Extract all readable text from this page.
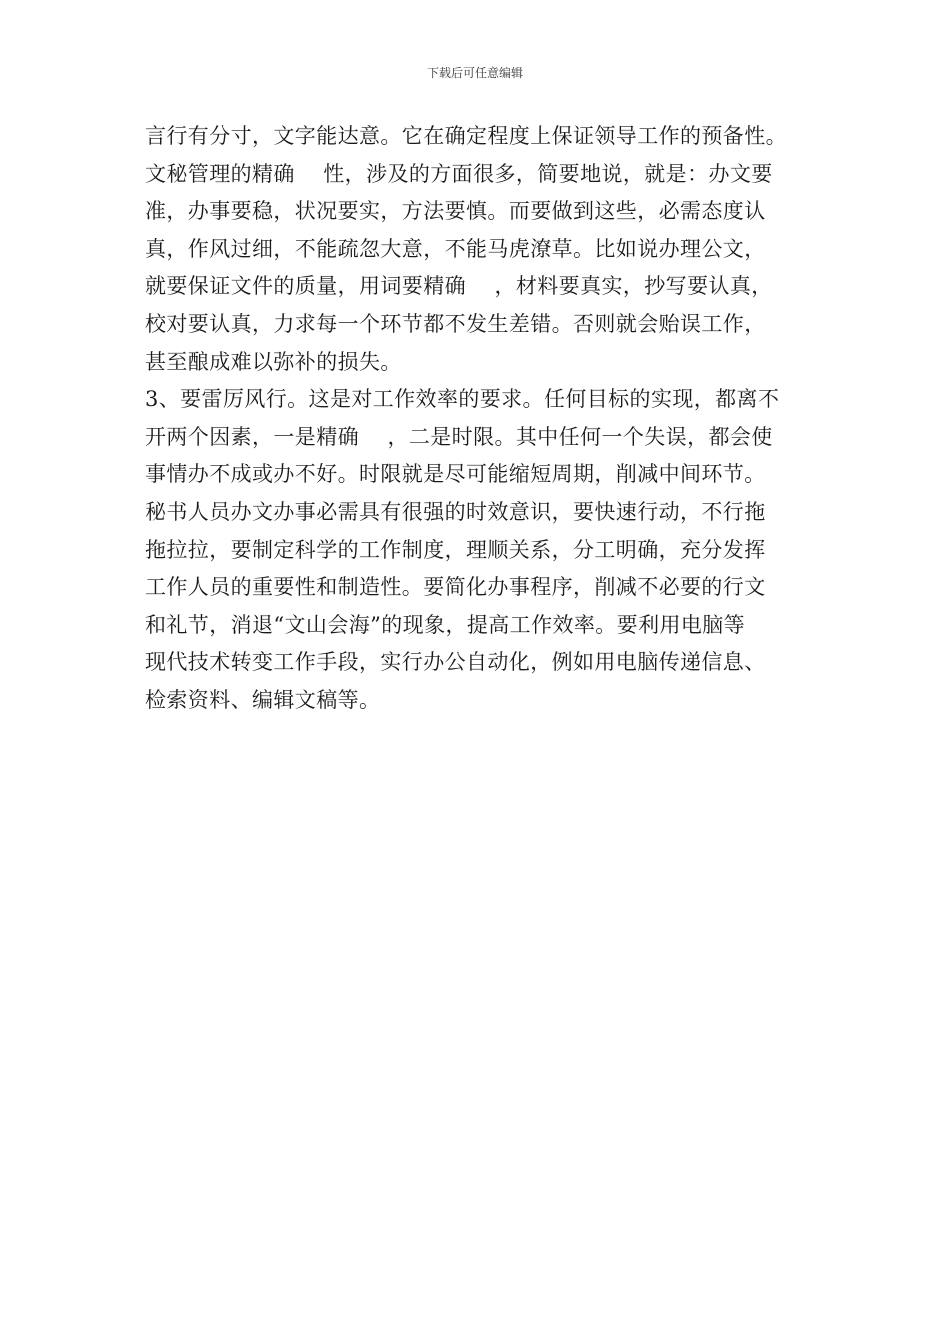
下载后可任意编辑
言行有分寸，文字能达意。它在确定程度上保证领导工作的预备性。
文秘管理的精确　 性，涉及的方面很多，简要地说，就是：办文要
准，办事要稳，状况要实，方法要慎。而要做到这些，必需态度认
真，作风过细，不能疏忽大意，不能马虎潦草。比如说办理公文，
就要保证文件的质量，用词要精确　 ，材料要真实，抄写要认真，
校对要认真，力求每一个环节都不发生差错。否则就会贻误工作，
甚至酿成难以弥补的损失。
3、要雷厉风行。这是对工作效率的要求。任何目标的实现，都离不
开两个因素，一是精确　 ，二是时限。其中任何一个失误，都会使
事情办不成或办不好。时限就是尽可能缩短周期，削减中间环节。
秘书人员办文办事必需具有很强的时效意识，要快速行动，不行拖
拖拉拉，要制定科学的工作制度，理顺关系，分工明确，充分发挥
工作人员的重要性和制造性。要简化办事程序，削减不必要的行文
和礼节，消退“文山会海”的现象，提高工作效率。要利用电脑等
现代技术转变工作手段，实行办公自动化，例如用电脑传递信息、
检索资料、编辑文稿等。
